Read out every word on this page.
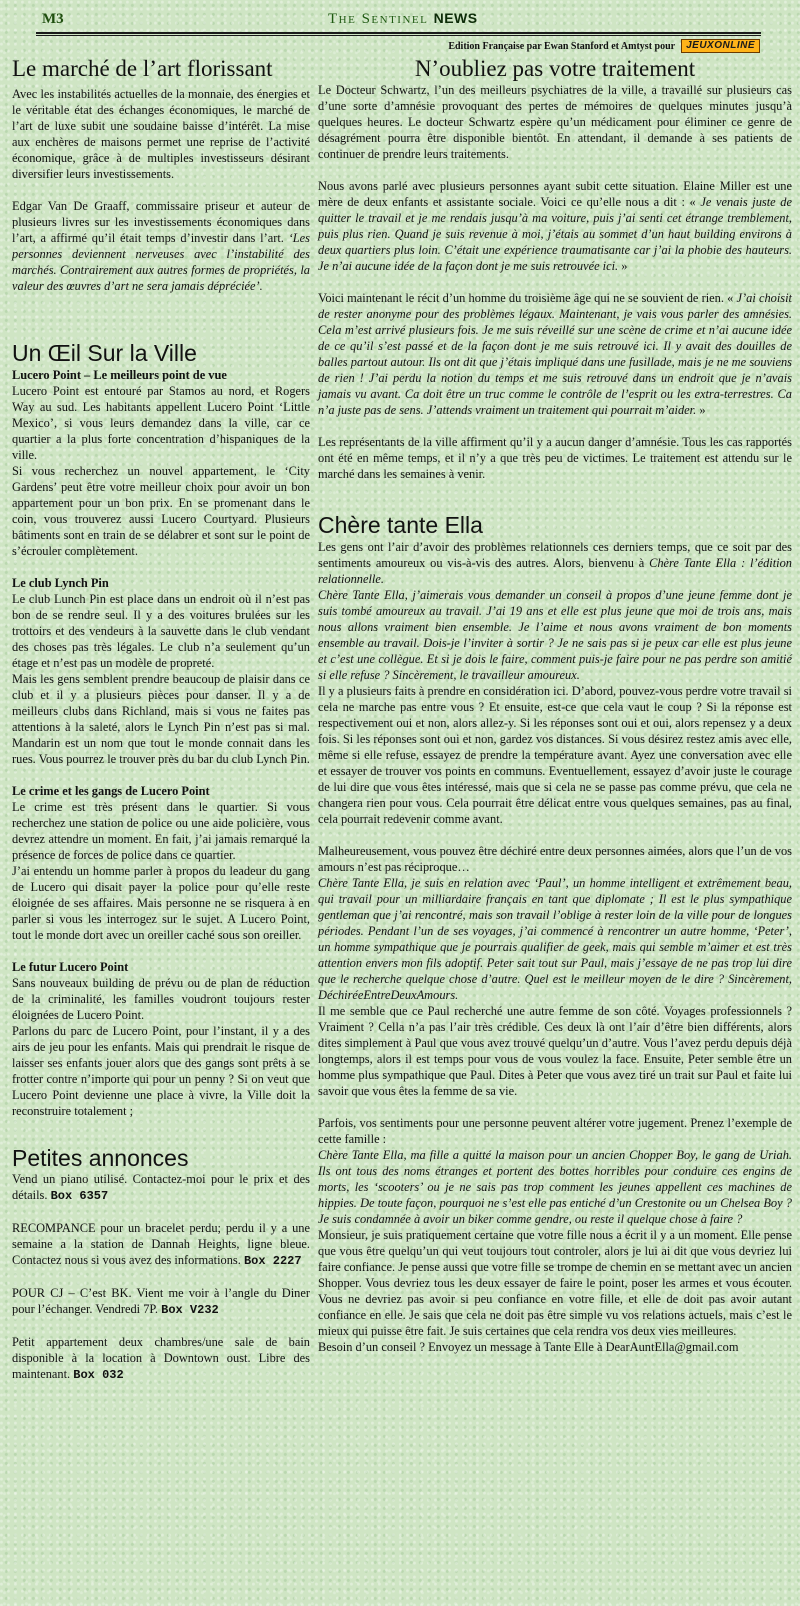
M3	The Sentinel NEWS
Edition Française par Ewan Stanford et Amtyst pour	JEUXONLINE
Le marché de l’art florissant

Avec les instabilités actuelles de la monnaie, des énergies et le véritable état des échanges économiques, le marché de l’art de luxe subit une soudaine baisse d’intérêt. La mise aux enchères de maisons permet une reprise de l’activité économique, grâce à de multiples investisseurs désirant diversifier leurs investissements.

Edgar Van De Graaff, commissaire priseur et auteur de plusieurs livres sur les investissements économiques dans l’art, a affirmé qu’il était temps d’investir dans l’art. ‘Les personnes deviennent nerveuses avec l’instabilité des marchés. Contrairement aux autres formes de propriétés, la valeur des œuvres d’art ne sera jamais dépréciée’.

Un Œil Sur la Ville

Lucero Point – Le meilleurs point de vue

Lucero Point est entouré par Stamos au nord, et Rogers Way au sud. Les habitants appellent Lucero Point ‘Little Mexico’, si vous leurs demandez dans la ville, car ce quartier a la plus forte concentration d’hispaniques de la ville.

Si vous recherchez un nouvel appartement, le ‘City Gardens’ peut être votre meilleur choix pour avoir un bon appartement pour un bon prix. En se promenant dans le coin, vous trouverez aussi Lucero Courtyard. Plusieurs bâtiments sont en train de se délabrer et sont sur le point de s’écrouler complètement.

Le club Lynch Pin

Le club Lunch Pin est place dans un endroit où il n’est pas bon de se rendre seul. Il y a des voitures brulées sur les trottoirs et des vendeurs à la sauvette dans le club vendant des choses pas très légales. Le club n’a seulement qu’un étage et n’est pas un modèle de propreté.

Mais les gens semblent prendre beaucoup de plaisir dans ce club et il y a plusieurs pièces pour danser. Il y a de meilleurs clubs dans Richland, mais si vous ne faites pas attentions à la saleté, alors le Lynch Pin n’est pas si mal. Mandarin est un nom que tout le monde connait dans les rues. Vous pourrez le trouver près du bar du club Lynch Pin.

Le crime et les gangs de Lucero Point

Le crime est très présent dans le quartier. Si vous recherchez une station de police ou une aide policière, vous devrez attendre un moment. En fait, j’ai jamais remarqué la présence de forces de police dans ce quartier.

J’ai entendu un homme parler à propos du leadeur du gang de Lucero qui disait payer la police pour qu’elle reste éloignée de ses affaires. Mais personne ne se risquera à en parler si vous les interrogez sur le sujet. A Lucero Point, tout le monde dort avec un oreiller caché sous son oreiller.

Le futur Lucero Point

Sans nouveaux building de prévu ou de plan de réduction de la criminalité, les familles voudront toujours rester éloignées de Lucero Point.

Parlons du parc de Lucero Point, pour l’instant, il y a des airs de jeu pour les enfants. Mais qui prendrait le risque de laisser ses enfants jouer alors que des gangs sont prêts à se frotter contre n’importe qui pour un penny ? Si on veut que Lucero Point devienne une place à vivre, la Ville doit la reconstruire totalement ;

Petites annonces

Vend un piano utilisé. Contactez-moi pour le prix et des détails. Box 6357

RECOMPANCE pour un bracelet perdu; perdu il y a une semaine a la station de Dannah Heights, ligne bleue. Contactez nous si vous avez des informations. Box 2227

POUR CJ – C’est BK. Vient me voir à l’angle du Diner pour l’échanger. Vendredi 7P. Box V232

Petit appartement deux chambres/une sale de bain disponible à la location à Downtown oust. Libre des maintenant. Box 032

N’oubliez pas votre traitement

Le Docteur Schwartz, l’un des meilleurs psychiatres de la ville, a travaillé sur plusieurs cas d’une sorte d’amnésie provoquant des pertes de mémoires de quelques minutes jusqu’à quelques heures. Le docteur Schwartz espère qu’un médicament pour éliminer ce genre de désagrément pourra être disponible bientôt. En attendant, il demande à ses patients de continuer de prendre leurs traitements.

Nous avons parlé avec plusieurs personnes ayant subit cette situation. Elaine Miller est une mère de deux enfants et assistante sociale. Voici ce qu’elle nous a dit : « Je venais juste de quitter le travail et je me rendais jusqu’à ma voiture, puis j’ai senti cet étrange tremblement, puis plus rien. Quand je suis revenue à moi, j’étais au sommet d’un haut building environs à deux quartiers plus loin. C’était une expérience traumatisante car j’ai la phobie des hauteurs. Je n’ai aucune idée de la façon dont je me suis retrouvée ici. »

Voici maintenant le récit d’un homme du troisième âge qui ne se souvient de rien. « J’ai choisit de rester anonyme pour des problèmes légaux. Maintenant, je vais vous parler des amnésies. Cela m’est arrivé plusieurs fois. Je me suis réveillé sur une scène de crime et n’ai aucune idée de ce qu’il s’est passé et de la façon dont je me suis retrouvé ici. Il y avait des douilles de balles partout autour. Ils ont dit que j’étais impliqué dans une fusillade, mais je ne me souviens de rien ! J’ai perdu la notion du temps et me suis retrouvé dans un endroit que je n’avais jamais vu avant. Ca doit être un truc comme le contrôle de l’esprit ou les extra-terrestres. Ca n’a juste pas de sens. J’attends vraiment un traitement qui pourrait m’aider. »

Les représentants de la ville affirment qu’il y a aucun danger d’amnésie. Tous les cas rapportés ont été en même temps, et il n’y a que très peu de victimes. Le traitement est attendu sur le marché dans les semaines à venir.

Chère tante Ella

Les gens ont l’air d’avoir des problèmes relationnels ces derniers temps, que ce soit par des sentiments amoureux ou vis-à-vis des autres. Alors, bienvenu à Chère Tante Ella : l’édition relationnelle.

Chère Tante Ella, j’aimerais vous demander un conseil à propos d’une jeune femme dont je suis tombé amoureux au travail. J’ai 19 ans et elle est plus jeune que moi de trois ans, mais nous allons vraiment bien ensemble. Je l’aime et nous avons vraiment de bon moments ensemble au travail. Dois-je l’inviter à sortir ? Je ne sais pas si je peux car elle est plus jeune et c’est une collègue. Et si je dois le faire, comment puis-je faire pour ne pas perdre son amitié si elle refuse ? Sincèrement, le travailleur amoureux.

Il y a plusieurs faits à prendre en considération ici. D’abord, pouvez-vous perdre votre travail si cela ne marche pas entre vous ? Et ensuite, est-ce que cela vaut le coup ? Si la réponse est respectivement oui et non, alors allez-y. Si les réponses sont oui et oui, alors repensez y a deux fois. Si les réponses sont oui et non, gardez vos distances. Si vous désirez restez amis avec elle, même si elle refuse, essayez de prendre la température avant. Ayez une conversation avec elle et essayer de trouver vos points en communs. Eventuellement, essayez d’avoir juste le courage de lui dire que vous êtes intéressé, mais que si cela ne se passe pas comme prévu, que cela ne changera rien pour vous. Cela pourrait être délicat entre vous quelques semaines, pas au final, cela pourrait redevenir comme avant.

Malheureusement, vous pouvez être déchiré entre deux personnes aimées, alors que l’un de vos amours n’est pas réciproque…

Chère Tante Ella, je suis en relation avec ‘Paul’, un homme intelligent et extrêmement beau, qui travail pour un milliardaire français en tant que diplomate ; Il est le plus sympathique gentleman que j’ai rencontré, mais son travail l’oblige à rester loin de la ville pour de longues périodes. Pendant l’un de ses voyages, j’ai commencé à rencontrer un autre homme, ‘Peter’, un homme sympathique que je pourrais qualifier de geek, mais qui semble m’aimer et est très attention envers mon fils adoptif. Peter sait tout sur Paul, mais j’essaye de ne pas trop lui dire que le recherche quelque chose d’autre. Quel est le meilleur moyen de le dire ? Sincèrement, DéchiréeEntreDeuxAmours.

Il me semble que ce Paul recherché une autre femme de son côté. Voyages professionnels ? Vraiment ? Cella n’a pas l’air très crédible. Ces deux là ont l’air d’être bien différents, alors dites simplement à Paul que vous avez trouvé quelqu’un d’autre. Vous l’avez perdu depuis déjà longtemps, alors il est temps pour vous de vous voulez la face. Ensuite, Peter semble être un homme plus sympathique que Paul. Dites à Peter que vous avez tiré un trait sur Paul et faite lui savoir que vous êtes la femme de sa vie.

Parfois, vos sentiments pour une personne peuvent altérer votre jugement. Prenez l’exemple de cette famille :

Chère Tante Ella, ma fille a quitté la maison pour un ancien Chopper Boy, le gang de Uriah. Ils ont tous des noms étranges et portent des bottes horribles pour conduire ces engins de morts, les ‘scooters’ ou je ne sais pas trop comment les jeunes appellent ces machines de hippies. De toute façon, pourquoi ne s’est elle pas entiché d’un Crestonite ou un Chelsea Boy ? Je suis condamnée à avoir un biker comme gendre, ou reste il quelque chose à faire ?

Monsieur, je suis pratiquement certaine que votre fille nous a écrit il y a un moment. Elle pense que vous être quelqu’un qui veut toujours tout controler, alors je lui ai dit que vous devriez lui faire confiance. Je pense aussi que votre fille se trompe de chemin en se mettant avec un ancien Shopper. Vous devriez tous les deux essayer de faire le point, poser les armes et vous écouter. Vous ne devriez pas avoir si peu confiance en votre fille, et elle de doit pas avoir autant confiance en elle. Je sais que cela ne doit pas être simple vu vos relations actuels, mais c’est le mieux qui puisse être fait. Je suis certaines que cela rendra vos deux vies meilleures.

Besoin d’un conseil ? Envoyez un message à Tante Elle à DearAuntElla@gmail.com
